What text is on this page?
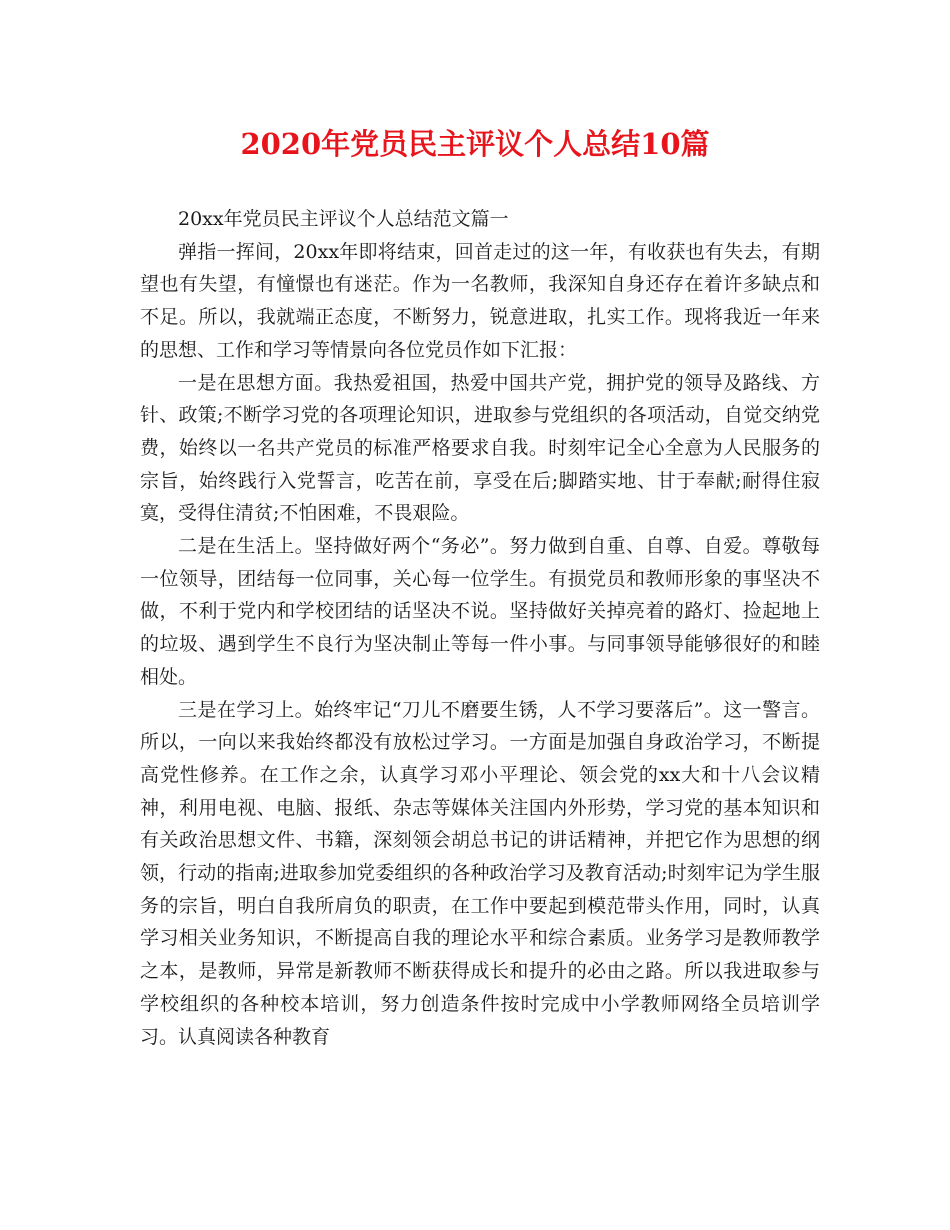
2020年党员民主评议个人总结10篇

20xx年党员民主评议个人总结范文篇一

弹指一挥间，20xx年即将结束，回首走过的这一年，有收获也有失去，有期望也有失望，有憧憬也有迷茫。作为一名教师，我深知自身还存在着许多缺点和不足。所以，我就端正态度，不断努力，锐意进取，扎实工作。现将我近一年来的思想、工作和学习等情景向各位党员作如下汇报：

一是在思想方面。我热爱祖国，热爱中国共产党，拥护党的领导及路线、方针、政策;不断学习党的各项理论知识，进取参与党组织的各项活动，自觉交纳党费，始终以一名共产党员的标准严格要求自我。时刻牢记全心全意为人民服务的宗旨，始终践行入党誓言，吃苦在前，享受在后;脚踏实地、甘于奉献;耐得住寂寞，受得住清贫;不怕困难，不畏艰险。

二是在生活上。坚持做好两个“务必”。努力做到自重、自尊、自爱。尊敬每一位领导，团结每一位同事，关心每一位学生。有损党员和教师形象的事坚决不做，不利于党内和学校团结的话坚决不说。坚持做好关掉亮着的路灯、捡起地上的垃圾、遇到学生不良行为坚决制止等每一件小事。与同事领导能够很好的和睦相处。

三是在学习上。始终牢记“刀儿不磨要生锈，人不学习要落后”。这一警言。所以，一向以来我始终都没有放松过学习。一方面是加强自身政治学习，不断提高党性修养。在工作之余，认真学习邓小平理论、领会党的xx大和十八会议精神，利用电视、电脑、报纸、杂志等媒体关注国内外形势，学习党的基本知识和有关政治思想文件、书籍，深刻领会胡总书记的讲话精神，并把它作为思想的纲领，行动的指南;进取参加党委组织的各种政治学习及教育活动;时刻牢记为学生服务的宗旨，明白自我所肩负的职责，在工作中要起到模范带头作用，同时，认真学习相关业务知识，不断提高自我的理论水平和综合素质。业务学习是教师教学之本，是教师，异常是新教师不断获得成长和提升的必由之路。所以我进取参与学校组织的各种校本培训，努力创造条件按时完成中小学教师网络全员培训学习。认真阅读各种教育
